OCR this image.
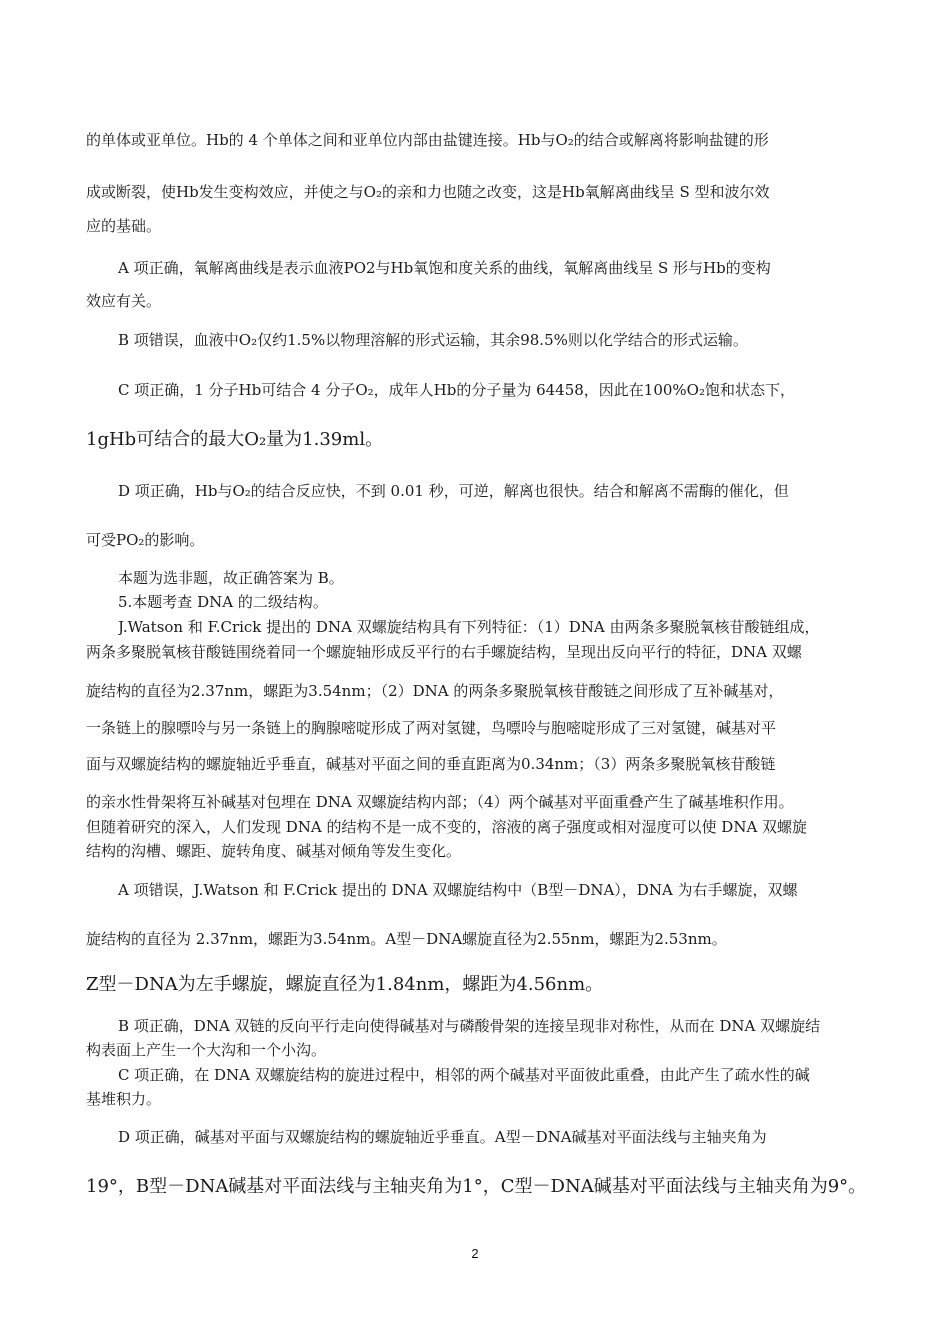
的单体或亚单位。Hb的 4 个单体之间和亚单位内部由盐键连接。Hb与O₂的结合或解离将影响盐键的形
成或断裂，使Hb发生变构效应，并使之与O₂的亲和力也随之改变，这是Hb氧解离曲线呈 S 型和波尔效
应的基础。
A 项正确，氧解离曲线是表示血液PO2与Hb氧饱和度关系的曲线，氧解离曲线呈 S 形与Hb的变构
效应有关。
B 项错误，血液中O₂仅约1.5%以物理溶解的形式运输，其余98.5%则以化学结合的形式运输。
C 项正确，1 分子Hb可结合 4 分子O₂，成年人Hb的分子量为 64458，因此在100%O₂饱和状态下，
1gHb可结合的最大O₂量为1.39ml。
D 项正确，Hb与O₂的结合反应快，不到 0.01 秒，可逆，解离也很快。结合和解离不需酶的催化，但
可受PO₂的影响。
本题为选非题，故正确答案为 B。
5.本题考查 DNA 的二级结构。
J.Watson 和 F.Crick 提出的 DNA 双螺旋结构具有下列特征：（1）DNA 由两条多聚脱氧核苷酸链组成，
两条多聚脱氧核苷酸链围绕着同一个螺旋轴形成反平行的右手螺旋结构，呈现出反向平行的特征，DNA 双螺
旋结构的直径为2.37nm，螺距为3.54nm；（2）DNA 的两条多聚脱氧核苷酸链之间形成了互补碱基对，
一条链上的腺嘌呤与另一条链上的胸腺嘧啶形成了两对氢键，鸟嘌呤与胞嘧啶形成了三对氢键，碱基对平
面与双螺旋结构的螺旋轴近乎垂直，碱基对平面之间的垂直距离为0.34nm；（3）两条多聚脱氧核苷酸链
的亲水性骨架将互补碱基对包埋在 DNA 双螺旋结构内部；（4）两个碱基对平面重叠产生了碱基堆积作用。
但随着研究的深入，人们发现 DNA 的结构不是一成不变的，溶液的离子强度或相对湿度可以使 DNA 双螺旋
结构的沟槽、螺距、旋转角度、碱基对倾角等发生变化。
A 项错误，J.Watson 和 F.Crick 提出的 DNA 双螺旋结构中（B型－DNA），DNA 为右手螺旋，双螺
旋结构的直径为 2.37nm，螺距为3.54nm。A型－DNA螺旋直径为2.55nm，螺距为2.53nm。
Z型－DNA为左手螺旋，螺旋直径为1.84nm，螺距为4.56nm。
B 项正确，DNA 双链的反向平行走向使得碱基对与磷酸骨架的连接呈现非对称性，从而在 DNA 双螺旋结
构表面上产生一个大沟和一个小沟。
C 项正确，在 DNA 双螺旋结构的旋进过程中，相邻的两个碱基对平面彼此重叠，由此产生了疏水性的碱
基堆积力。
D 项正确，碱基对平面与双螺旋结构的螺旋轴近乎垂直。A型－DNA碱基对平面法线与主轴夹角为
19°，B型－DNA碱基对平面法线与主轴夹角为1°，C型－DNA碱基对平面法线与主轴夹角为9°。
2
